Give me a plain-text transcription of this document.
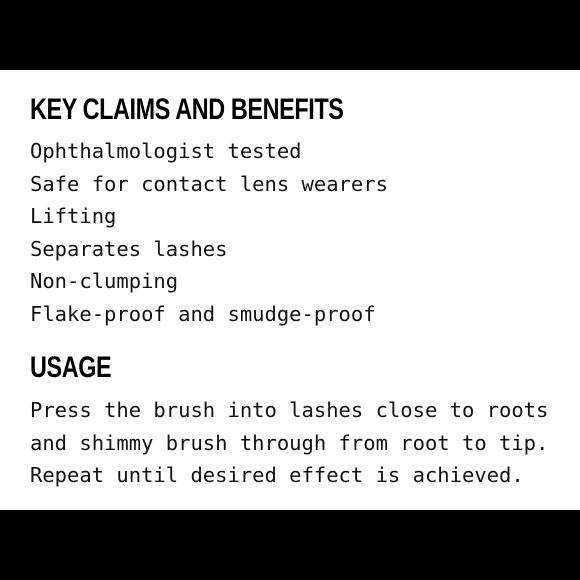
KEY CLAIMS AND BENEFITS
Ophthalmologist tested
Safe for contact lens wearers
Lifting
Separates lashes
Non-clumping
Flake-proof and smudge-proof
USAGE
Press the brush into lashes close to roots
and shimmy brush through from root to tip.
Repeat until desired effect is achieved.
